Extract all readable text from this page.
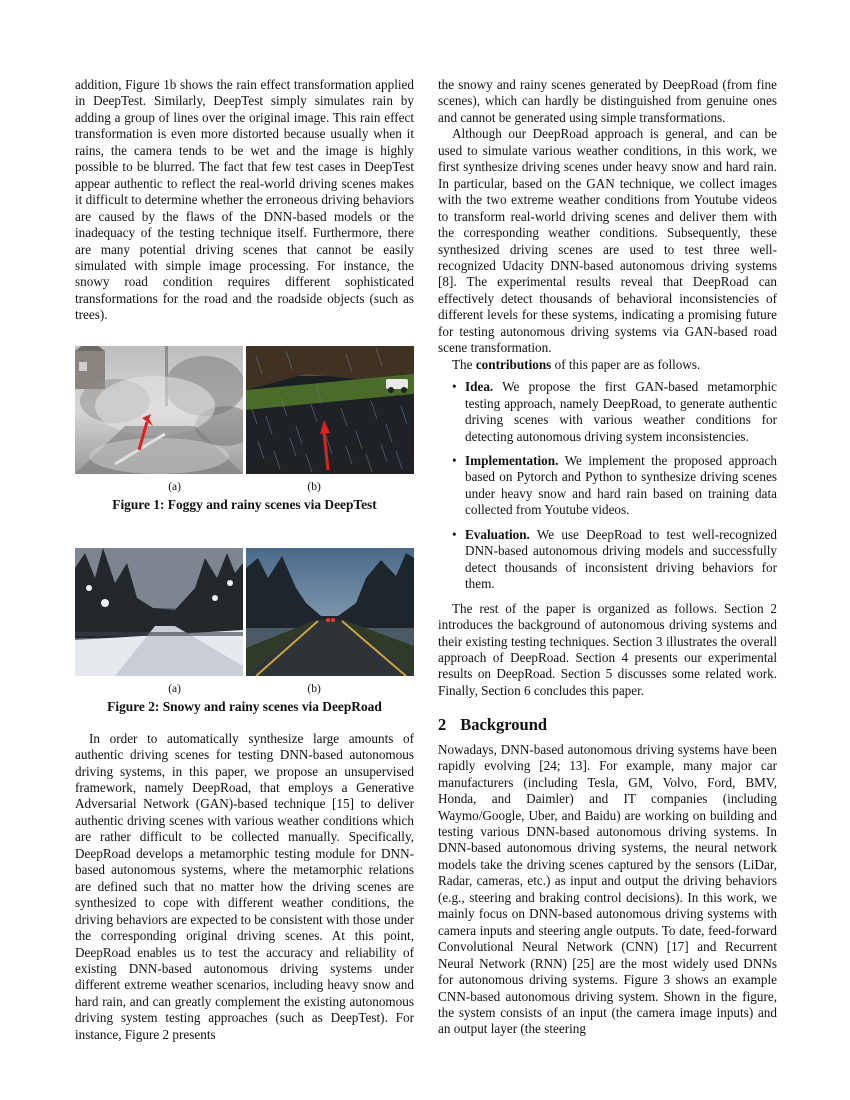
addition, Figure 1b shows the rain effect transformation applied in DeepTest. Similarly, DeepTest simply simulates rain by adding a group of lines over the original image. This rain effect transformation is even more distorted because usually when it rains, the camera tends to be wet and the image is highly possible to be blurred. The fact that few test cases in DeepTest appear authentic to reflect the real-world driving scenes makes it difficult to determine whether the erroneous driving behaviors are caused by the flaws of the DNN-based models or the inadequacy of the testing technique itself. Furthermore, there are many potential driving scenes that cannot be easily simulated with simple image processing. For instance, the snowy road condition requires different sophisticated transformations for the road and the roadside objects (such as trees).

(a)	(b)
Figure 1: Foggy and rainy scenes via DeepTest
(a)	(b)
Figure 2: Snowy and rainy scenes via DeepRoad

In order to automatically synthesize large amounts of authentic driving scenes for testing DNN-based autonomous driving systems, in this paper, we propose an unsupervised framework, namely DeepRoad, that employs a Generative Adversarial Network (GAN)-based technique [15] to deliver authentic driving scenes with various weather conditions which are rather difficult to be collected manually. Specifically, DeepRoad develops a metamorphic testing module for DNN-based autonomous systems, where the metamorphic relations are defined such that no matter how the driving scenes are synthesized to cope with different weather conditions, the driving behaviors are expected to be consistent with those under the corresponding original driving scenes. At this point, DeepRoad enables us to test the accuracy and reliability of existing DNN-based autonomous driving systems under different extreme weather scenarios, including heavy snow and hard rain, and can greatly complement the existing autonomous driving system testing approaches (such as DeepTest). For instance, Figure 2 presents

the snowy and rainy scenes generated by DeepRoad (from fine scenes), which can hardly be distinguished from genuine ones and cannot be generated using simple transformations.

Although our DeepRoad approach is general, and can be used to simulate various weather conditions, in this work, we first synthesize driving scenes under heavy snow and hard rain. In particular, based on the GAN technique, we collect images with the two extreme weather conditions from Youtube videos to transform real-world driving scenes and deliver them with the corresponding weather conditions. Subsequently, these synthesized driving scenes are used to test three well-recognized Udacity DNN-based autonomous driving systems [8]. The experimental results reveal that DeepRoad can effectively detect thousands of behavioral inconsistencies of different levels for these systems, indicating a promising future for testing autonomous driving systems via GAN-based road scene transformation.

The contributions of this paper are as follows.

• Idea. We propose the first GAN-based metamorphic testing approach, namely DeepRoad, to generate authentic driving scenes with various weather conditions for detecting autonomous driving system inconsistencies.
• Implementation. We implement the proposed approach based on Pytorch and Python to synthesize driving scenes under heavy snow and hard rain based on training data collected from Youtube videos.
• Evaluation. We use DeepRoad to test well-recognized DNN-based autonomous driving models and successfully detect thousands of inconsistent driving behaviors for them.

The rest of the paper is organized as follows. Section 2 introduces the background of autonomous driving systems and their existing testing techniques. Section 3 illustrates the overall approach of DeepRoad. Section 4 presents our experimental results on DeepRoad. Section 5 discusses some related work. Finally, Section 6 concludes this paper.

2 Background

Nowadays, DNN-based autonomous driving systems have been rapidly evolving [24; 13]. For example, many major car manufacturers (including Tesla, GM, Volvo, Ford, BMV, Honda, and Daimler) and IT companies (including Waymo/Google, Uber, and Baidu) are working on building and testing various DNN-based autonomous driving systems. In DNN-based autonomous driving systems, the neural network models take the driving scenes captured by the sensors (LiDar, Radar, cameras, etc.) as input and output the driving behaviors (e.g., steering and braking control decisions). In this work, we mainly focus on DNN-based autonomous driving systems with camera inputs and steering angle outputs. To date, feed-forward Convolutional Neural Network (CNN) [17] and Recurrent Neural Network (RNN) [25] are the most widely used DNNs for autonomous driving systems. Figure 3 shows an example CNN-based autonomous driving system. Shown in the figure, the system consists of an input (the camera image inputs) and an output layer (the steering
